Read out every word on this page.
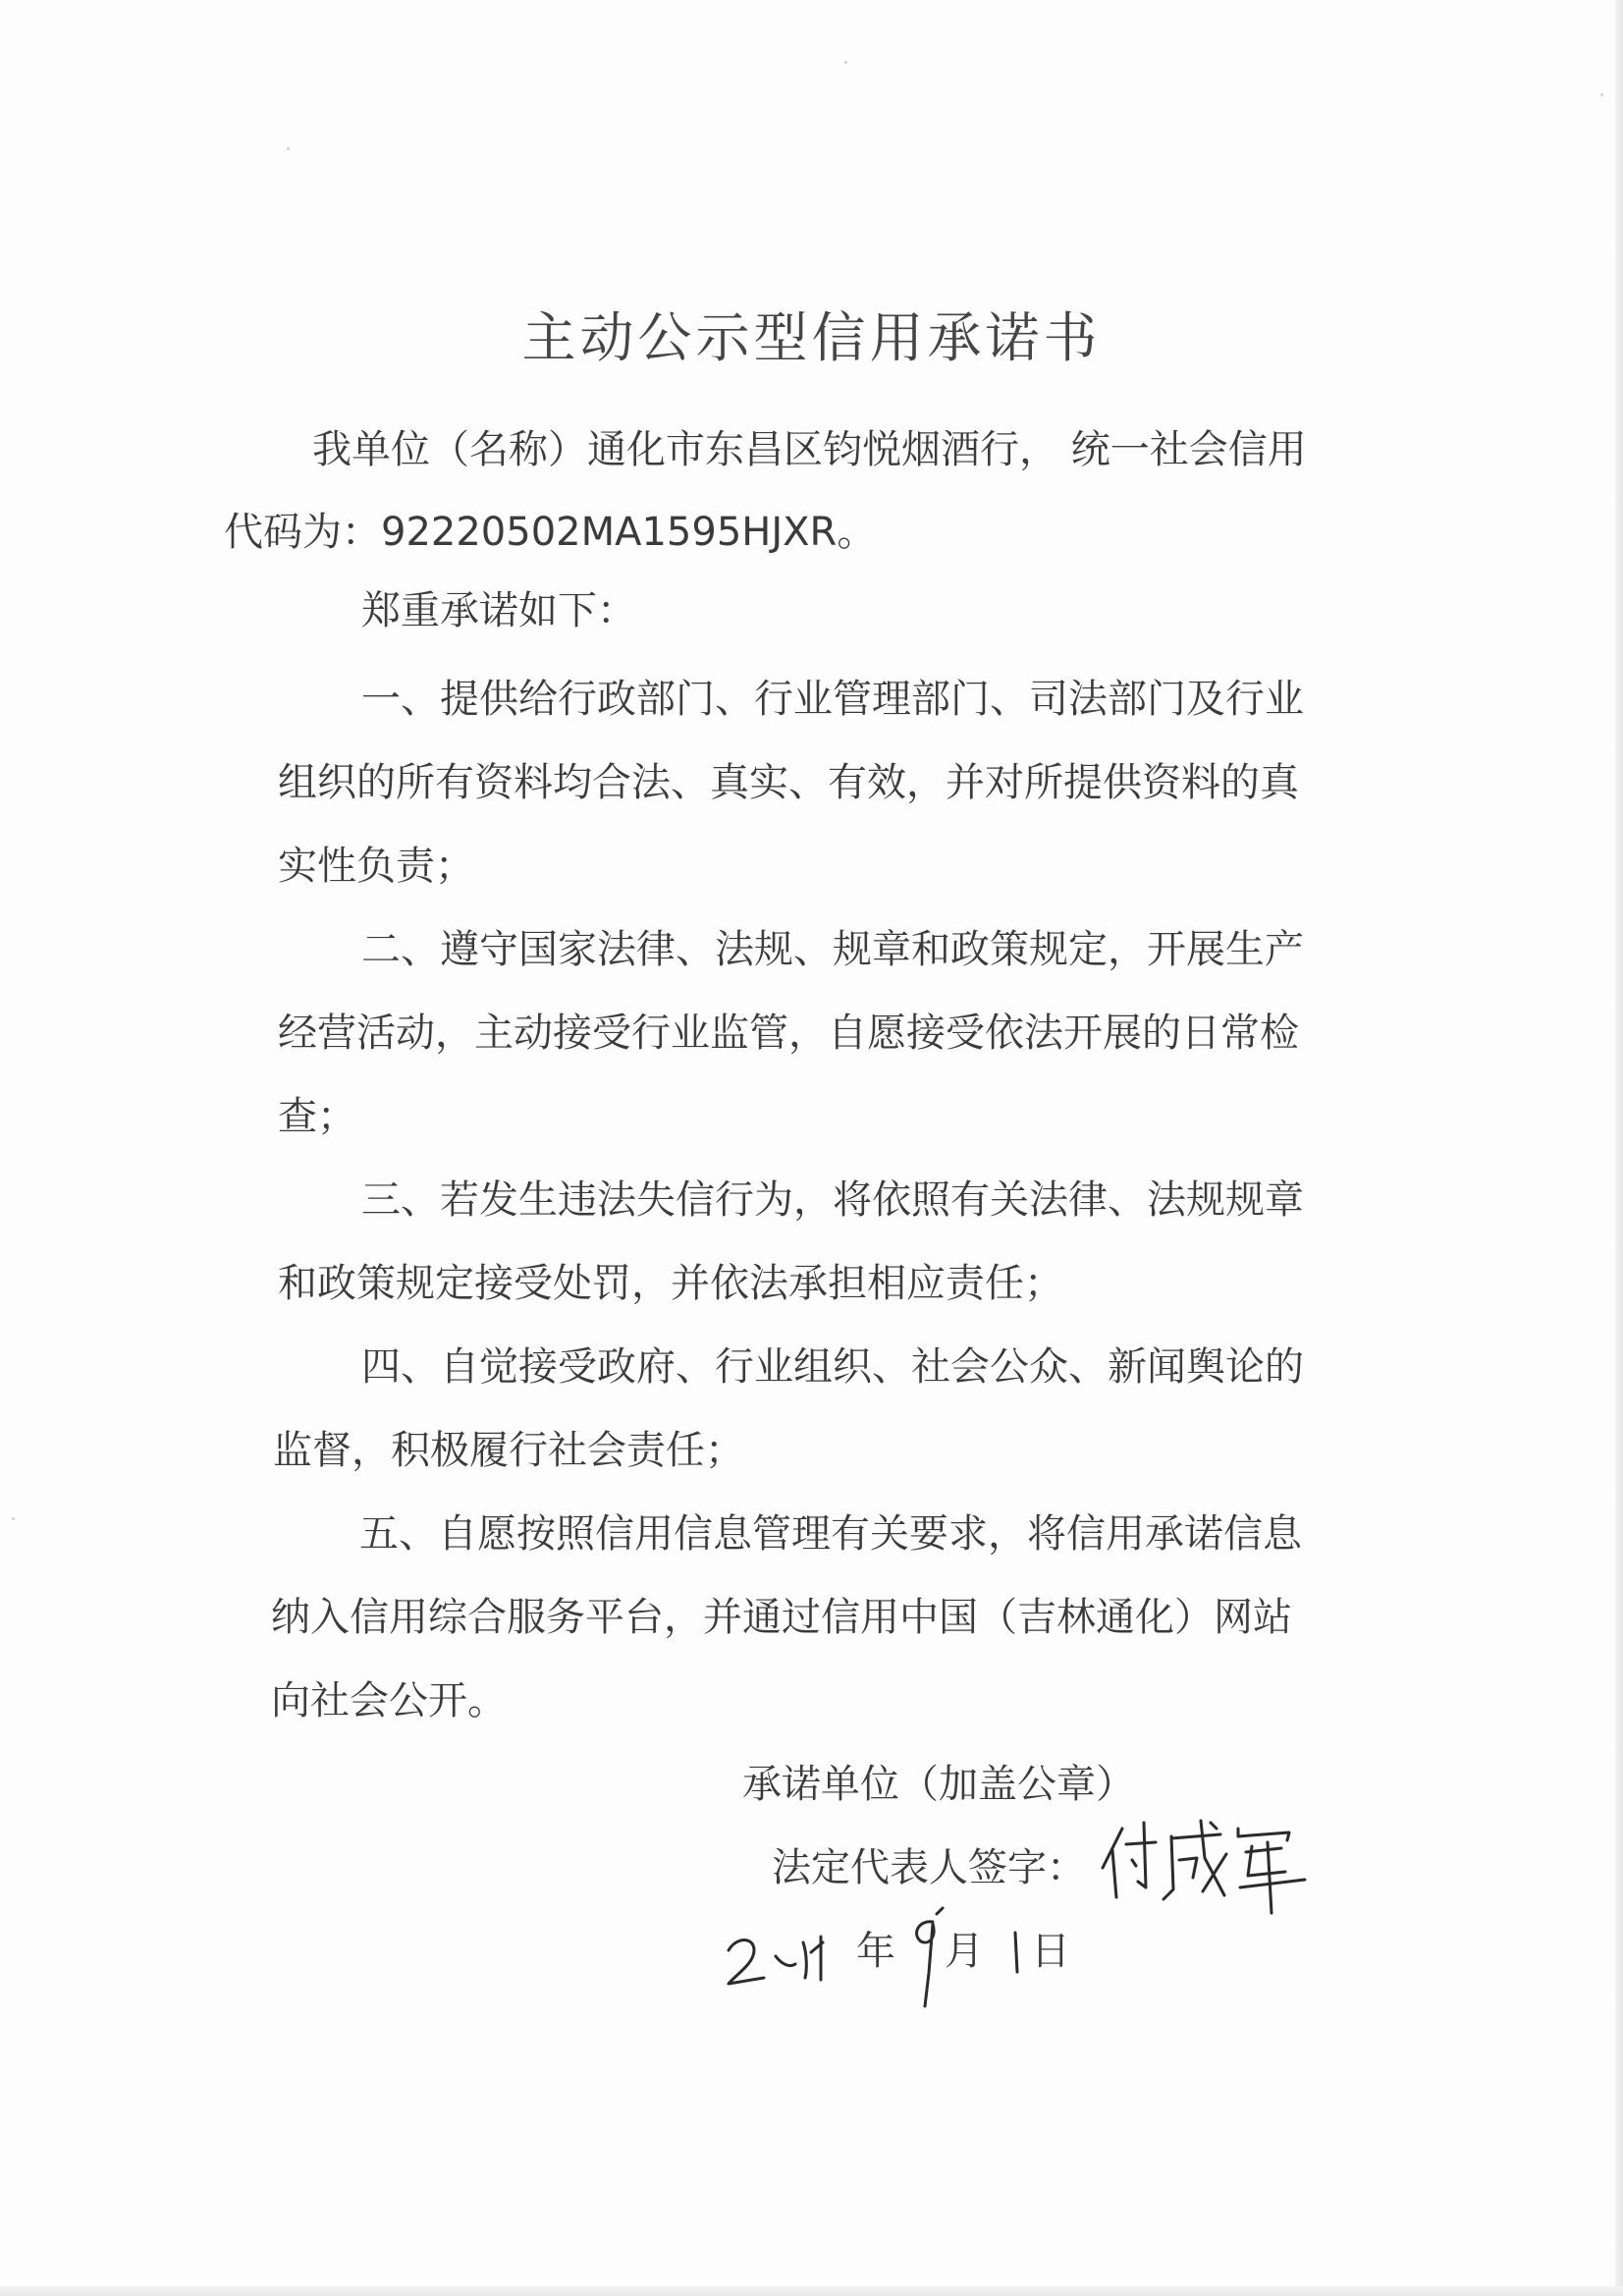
主动公示型信用承诺书
我单位（名称）通化市东昌区钧悦烟酒行， 统一社会信用
代码为：92220502MA1595HJXR。
郑重承诺如下：
一、提供给行政部门、行业管理部门、司法部门及行业
组织的所有资料均合法、真实、有效，并对所提供资料的真
实性负责；
二、遵守国家法律、法规、规章和政策规定，开展生产
经营活动，主动接受行业监管，自愿接受依法开展的日常检
查；
三、若发生违法失信行为，将依照有关法律、法规规章
和政策规定接受处罚，并依法承担相应责任；
四、自觉接受政府、行业组织、社会公众、新闻舆论的
监督，积极履行社会责任；
五、自愿按照信用信息管理有关要求，将信用承诺信息
纳入信用综合服务平台，并通过信用中国（吉林通化）网站
向社会公开。
承诺单位（加盖公章）
法定代表人签字：
年 月 日
